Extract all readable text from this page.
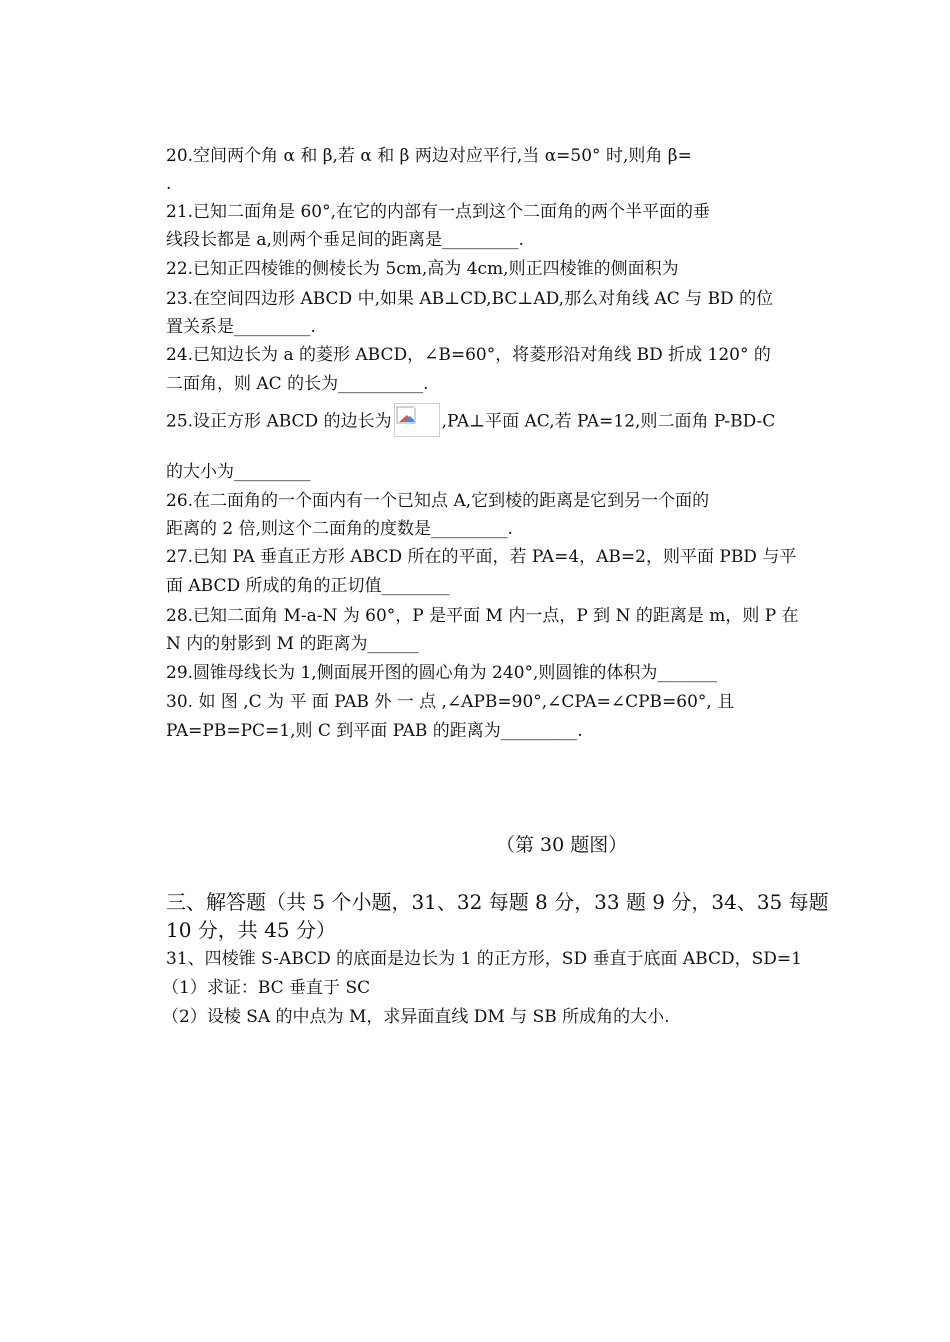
20.空间两个角 α 和 β,若 α 和 β 两边对应平行,当 α=50° 时,则角 β=
.
21.已知二面角是 60°,在它的内部有一点到这个二面角的两个半平面的垂
线段长都是 a,则两个垂足间的距离是_________.
22.已知正四棱锥的侧棱长为 5cm,高为 4cm,则正四棱锥的侧面积为
23.在空间四边形 ABCD 中,如果 AB⊥CD,BC⊥AD,那么对角线 AC 与 BD 的位
置关系是_________.
24.已知边长为 a 的菱形 ABCD，∠B=60°，将菱形沿对角线 BD 折成 120° 的
二面角，则 AC 的长为__________.
25.设正方形 ABCD 的边长为	,PA⊥平面 AC,若 PA=12,则二面角 P-BD-C
的大小为_________
26.在二面角的一个面内有一个已知点 A,它到棱的距离是它到另一个面的
距离的 2 倍,则这个二面角的度数是_________.
27.已知 PA 垂直正方形 ABCD 所在的平面，若 PA=4，AB=2，则平面 PBD 与平
面 ABCD 所成的角的正切值________
28.已知二面角 M-a-N 为 60°，P 是平面 M 内一点，P 到 N 的距离是 m，则 P 在
N 内的射影到 M 的距离为______
29.圆锥母线长为 1,侧面展开图的圆心角为 240°,则圆锥的体积为_______
30. 如 图 ,C 为 平 面 PAB 外 一 点 ,∠APB=90°,∠CPA=∠CPB=60°, 且
PA=PB=PC=1,则 C 到平面 PAB 的距离为_________.
（第 30 题图）
三、解答题（共 5 个小题，31、32 每题 8 分，33 题 9 分，34、35 每题
10 分，共 45 分）
31、四棱锥 S-ABCD 的底面是边长为 1 的正方形，SD 垂直于底面 ABCD，SD=1
（1）求证：BC 垂直于 SC
（2）设棱 SA 的中点为 M，求异面直线 DM 与 SB 所成角的大小.
